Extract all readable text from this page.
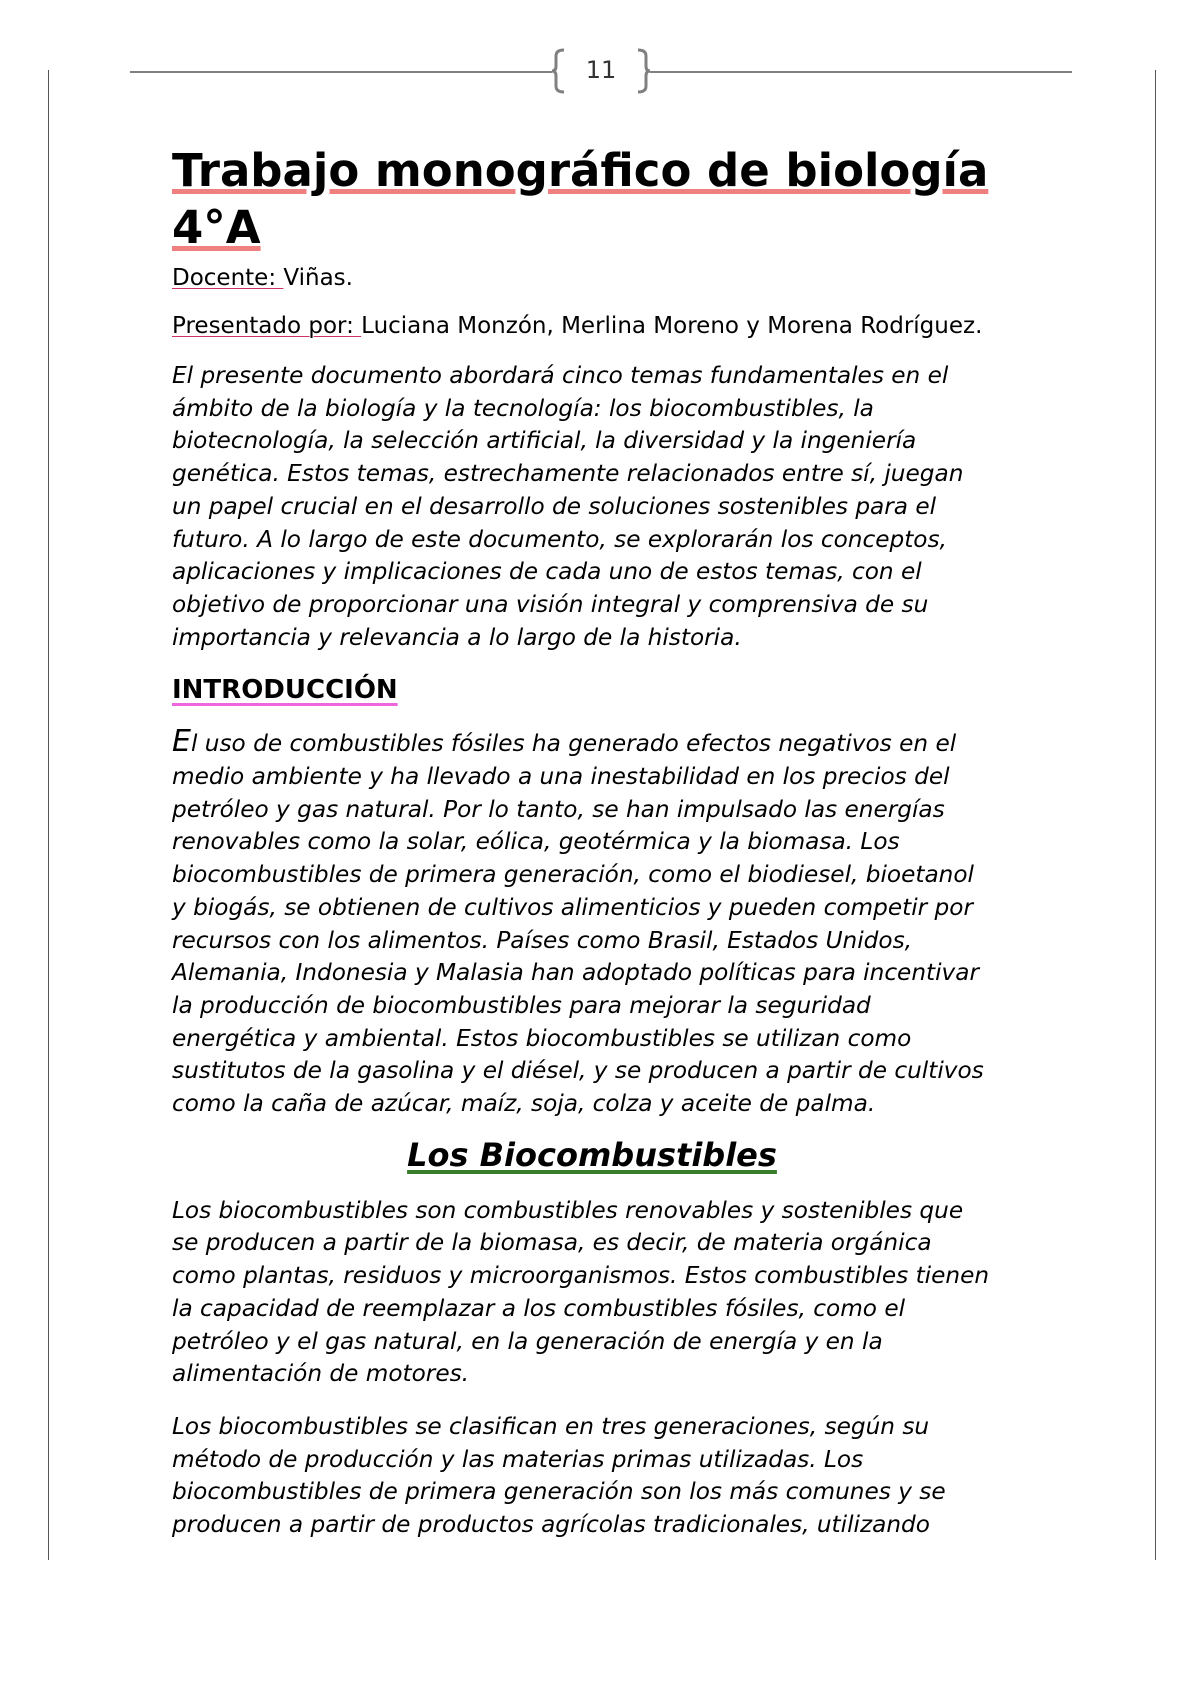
11
Trabajo monográfico de biología
4°A

Docente: Viñas.

Presentado por: Luciana Monzón, Merlina Moreno y Morena Rodríguez.

El presente documento abordará cinco temas fundamentales en el
ámbito de la biología y la tecnología: los biocombustibles, la
biotecnología, la selección artificial, la diversidad y la ingeniería
genética. Estos temas, estrechamente relacionados entre sí, juegan
un papel crucial en el desarrollo de soluciones sostenibles para el
futuro. A lo largo de este documento, se explorarán los conceptos,
aplicaciones y implicaciones de cada uno de estos temas, con el
objetivo de proporcionar una visión integral y comprensiva de su
importancia y relevancia a lo largo de la historia.

INTRODUCCIÓN

El uso de combustibles fósiles ha generado efectos negativos en el
medio ambiente y ha llevado a una inestabilidad en los precios del
petróleo y gas natural. Por lo tanto, se han impulsado las energías
renovables como la solar, eólica, geotérmica y la biomasa. Los
biocombustibles de primera generación, como el biodiesel, bioetanol
y biogás, se obtienen de cultivos alimenticios y pueden competir por
recursos con los alimentos. Países como Brasil, Estados Unidos,
Alemania, Indonesia y Malasia han adoptado políticas para incentivar
la producción de biocombustibles para mejorar la seguridad
energética y ambiental. Estos biocombustibles se utilizan como
sustitutos de la gasolina y el diésel, y se producen a partir de cultivos
como la caña de azúcar, maíz, soja, colza y aceite de palma.

Los Biocombustibles

Los biocombustibles son combustibles renovables y sostenibles que
se producen a partir de la biomasa, es decir, de materia orgánica
como plantas, residuos y microorganismos. Estos combustibles tienen
la capacidad de reemplazar a los combustibles fósiles, como el
petróleo y el gas natural, en la generación de energía y en la
alimentación de motores.

Los biocombustibles se clasifican en tres generaciones, según su
método de producción y las materias primas utilizadas. Los
biocombustibles de primera generación son los más comunes y se
producen a partir de productos agrícolas tradicionales, utilizando
